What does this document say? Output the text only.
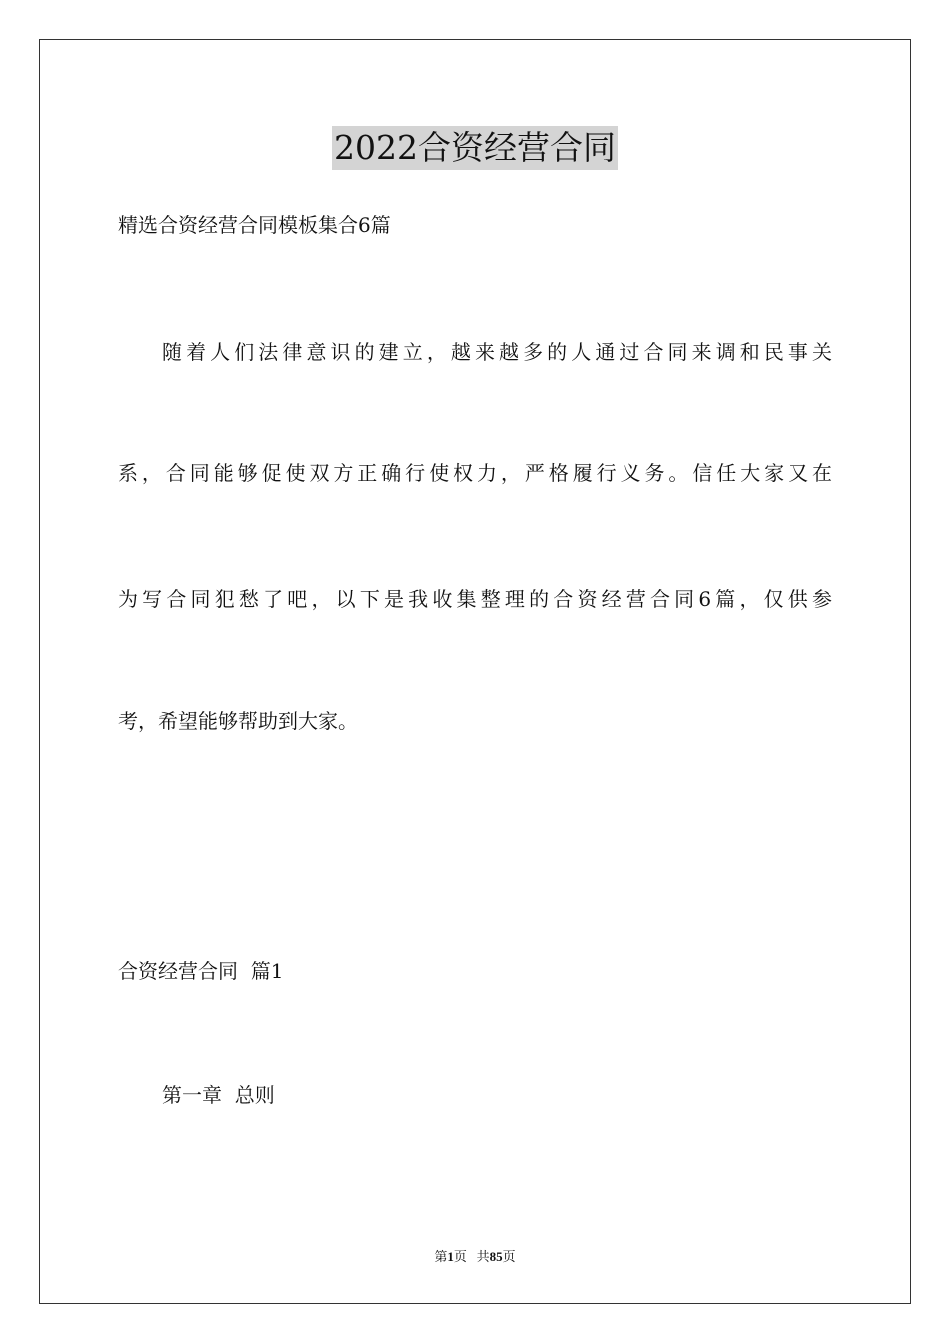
2022合资经营合同
精选合资经营合同模板集合6篇
随着人们法律意识的建立，越来越多的人通过合同来调和民事关
系，合同能够促使双方正确行使权力，严格履行义务。信任大家又在
为写合同犯愁了吧，以下是我收集整理的合资经营合同6篇，仅供参
考，希望能够帮助到大家。
合资经营合同  篇1
第一章  总则
第1页 共85页
